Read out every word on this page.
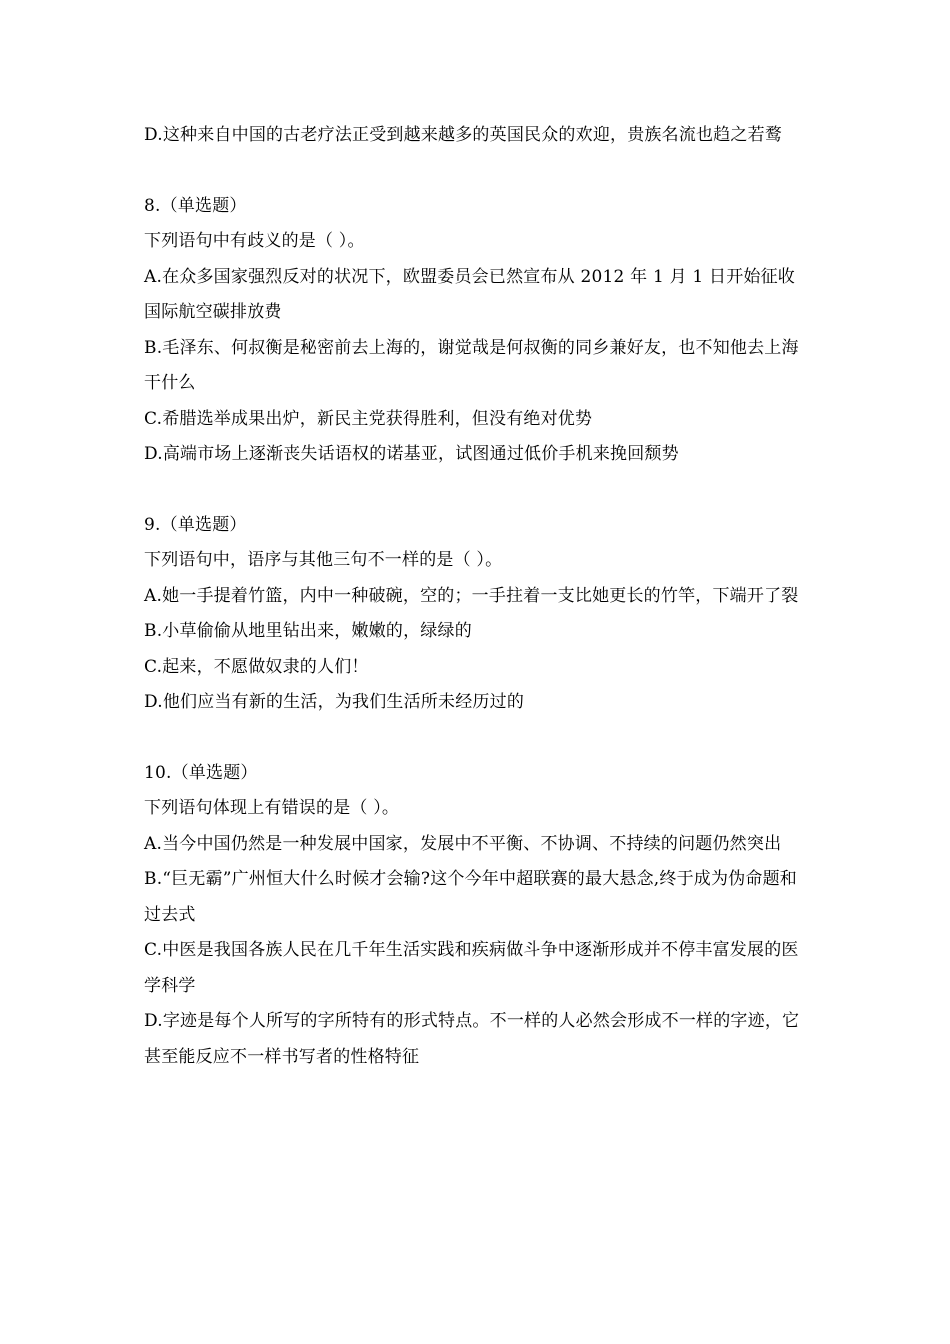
D.这种来自中国的古老疗法正受到越来越多的英国民众的欢迎，贵族名流也趋之若鹜
8.（单选题）
下列语句中有歧义的是（ ）。
A.在众多国家强烈反对的状况下，欧盟委员会已然宣布从 2012 年 1 月 1 日开始征收国际航空碳排放费
B.毛泽东、何叔衡是秘密前去上海的，谢觉哉是何叔衡的同乡兼好友，也不知他去上海干什么
C.希腊选举成果出炉，新民主党获得胜利，但没有绝对优势
D.高端市场上逐渐丧失话语权的诺基亚，试图通过低价手机来挽回颓势
9.（单选题）
下列语句中，语序与其他三句不一样的是（ ）。
A.她一手提着竹篮，内中一种破碗，空的；一手拄着一支比她更长的竹竿，下端开了裂
B.小草偷偷从地里钻出来，嫩嫩的，绿绿的
C.起来，不愿做奴隶的人们！
D.他们应当有新的生活，为我们生活所未经历过的
10.（单选题）
下列语句体现上有错误的是（ ）。
A.当今中国仍然是一种发展中国家，发展中不平衡、不协调、不持续的问题仍然突出
B.“巨无霸”广州恒大什么时候才会输?这个今年中超联赛的最大悬念,终于成为伪命题和过去式
C.中医是我国各族人民在几千年生活实践和疾病做斗争中逐渐形成并不停丰富发展的医学科学
D.字迹是每个人所写的字所特有的形式特点。不一样的人必然会形成不一样的字迹，它甚至能反应不一样书写者的性格特征
